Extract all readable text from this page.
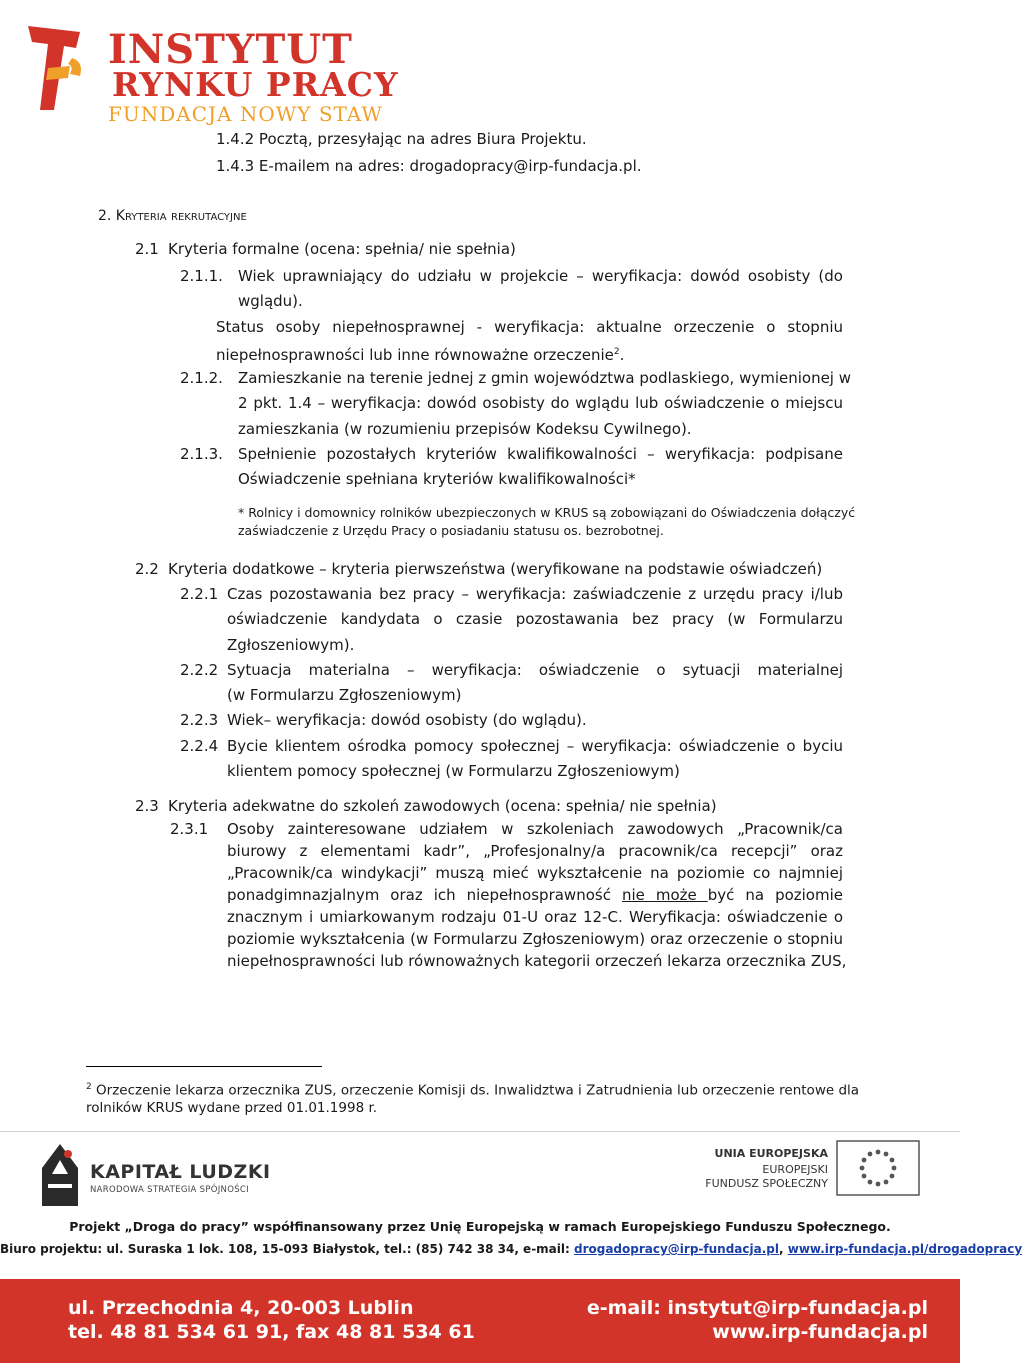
INSTYTUT
RYNKU PRACY
FUNDACJA NOWY STAW
1.4.2 Pocztą, przesyłając na adres Biura Projektu.
1.4.3 E-mailem na adres: drogadopracy@irp-fundacja.pl.
2. Kryteria rekrutacyjne
2.1 Kryteria formalne (ocena: spełnia/ nie spełnia)
2.1.1. Wiek uprawniający do udziału w projekcie – weryfikacja: dowód osobisty (do
wglądu).
Status osoby niepełnosprawnej - weryfikacja: aktualne orzeczenie o stopniu
niepełnosprawności lub inne równoważne orzeczenie$^2$.
2.1.2. Zamieszkanie na terenie jednej z gmin województwa podlaskiego, wymienionej w
2 pkt. 1.4 – weryfikacja: dowód osobisty do wglądu lub oświadczenie o miejscu
zamieszkania (w rozumieniu przepisów Kodeksu Cywilnego).
2.1.3. Spełnienie pozostałych kryteriów kwalifikowalności – weryfikacja: podpisane
Oświadczenie spełniana kryteriów kwalifikowalności*
* Rolnicy i domownicy rolników ubezpieczonych w KRUS są zobowiązani do Oświadczenia dołączyć
zaświadczenie z Urzędu Pracy o posiadaniu statusu os. bezrobotnej.
2.2 Kryteria dodatkowe – kryteria pierwszeństwa (weryfikowane na podstawie oświadczeń)
2.2.1 Czas pozostawania bez pracy – weryfikacja: zaświadczenie z urzędu pracy i/lub
oświadczenie kandydata o czasie pozostawania bez pracy (w Formularzu
Zgłoszeniowym).
2.2.2 Sytuacja materialna – weryfikacja: oświadczenie o sytuacji materialnej
(w Formularzu Zgłoszeniowym)
2.2.3 Wiek– weryfikacja: dowód osobisty (do wglądu).
2.2.4 Bycie klientem ośrodka pomocy społecznej – weryfikacja: oświadczenie o byciu
klientem pomocy społecznej (w Formularzu Zgłoszeniowym)
2.3 Kryteria adekwatne do szkoleń zawodowych (ocena: spełnia/ nie spełnia)
2.3.1 Osoby zainteresowane udziałem w szkoleniach zawodowych „Pracownik/ca
biurowy z elementami kadr”, „Profesjonalny/a pracownik/ca recepcji” oraz
„Pracownik/ca windykacji” muszą mieć wykształcenie na poziomie co najmniej
ponadgimnazjalnym oraz ich niepełnosprawność nie może być na poziomie
znacznym i umiarkowanym rodzaju 01-U oraz 12-C. Weryfikacja: oświadczenie o
poziomie wykształcenia (w Formularzu Zgłoszeniowym) oraz orzeczenie o stopniu
niepełnosprawności lub równoważnych kategorii orzeczeń lekarza orzecznika ZUS,
$^2$ Orzeczenie lekarza orzecznika ZUS, orzeczenie Komisji ds. Inwalidztwa i Zatrudnienia lub orzeczenie rentowe dla
rolników KRUS wydane przed 01.01.1998 r.
KAPITAŁ LUDZKI
NARODOWA STRATEGIA SPÓJNOŚCI
UNIA EUROPEJSKA
EUROPEJSKI
FUNDUSZ SPOŁECZNY
Projekt „Droga do pracy” współfinansowany przez Unię Europejską w ramach Europejskiego Funduszu Społecznego.
Biuro projektu: ul. Suraska 1 lok. 108, 15-093 Białystok, tel.: (85) 742 38 34, e-mail: drogadopracy@irp-fundacja.pl, www.irp-fundacja.pl/drogadopracy
ul. Przechodnia 4, 20-003 Lublin
tel. 48 81 534 61 91, fax 48 81 534 61
e-mail: instytut@irp-fundacja.pl
www.irp-fundacja.pl
